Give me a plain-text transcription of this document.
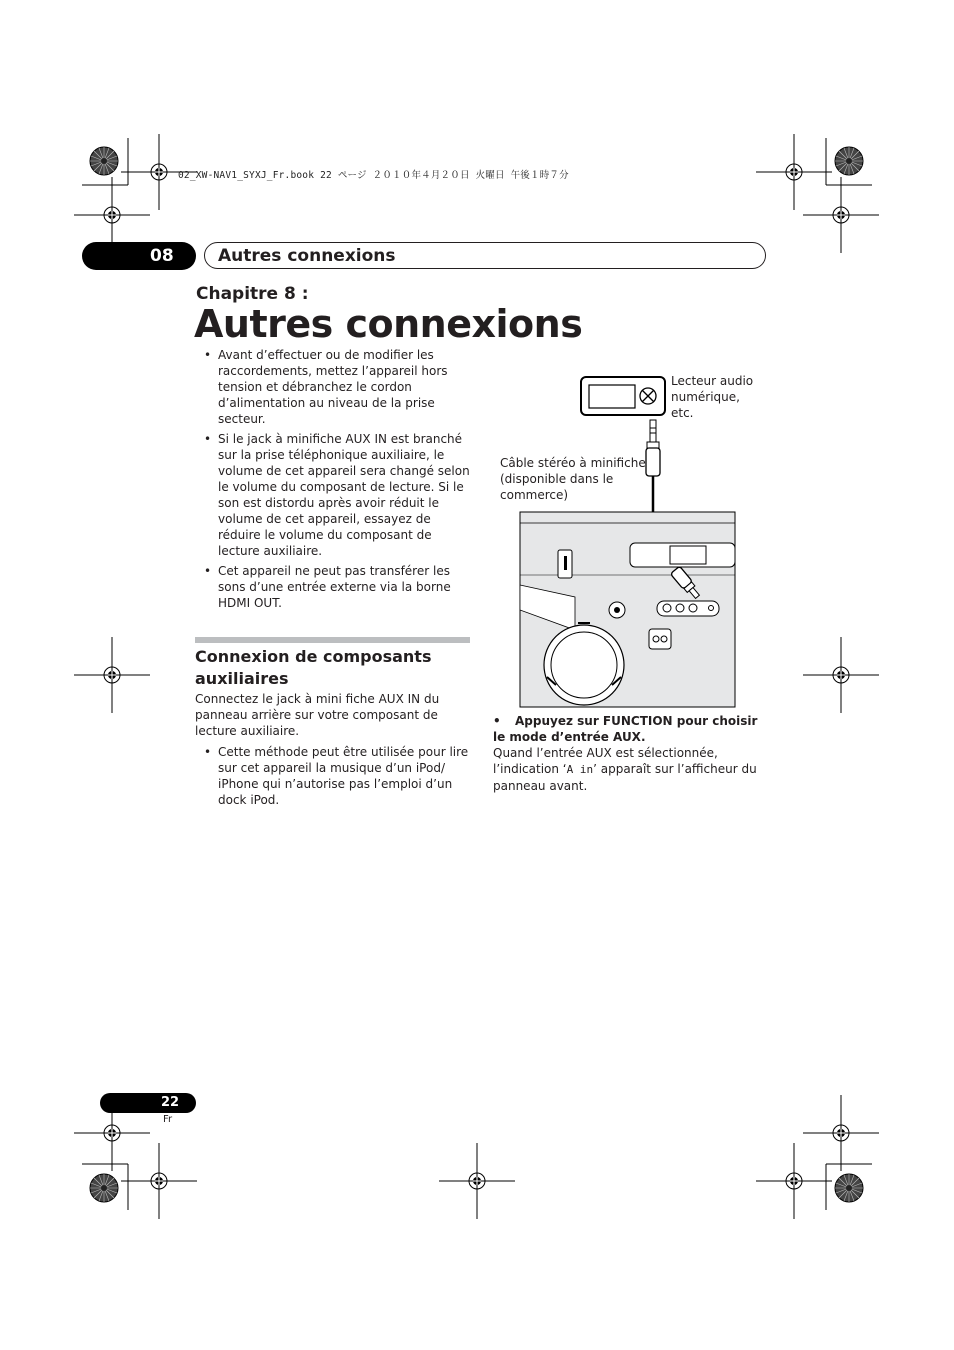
02_XW-NAV1_SYXJ_Fr.book 22 ページ ２０１０年４月２０日 火曜日 午後１時７分
08	Autres connexions
Chapitre 8 :
Autres connexions
• Avant d’effectuer ou de modifier les raccordements, mettez l’appareil hors tension et débranchez le cordon d’alimentation au niveau de la prise secteur.
• Si le jack à minifiche AUX IN est branché sur la prise téléphonique auxiliaire, le volume de cet appareil sera changé selon le volume du composant de lecture. Si le son est distordu après avoir réduit le volume de cet appareil, essayez de réduire le volume du composant de lecture auxiliaire.
• Cet appareil ne peut pas transférer les sons d’une entrée externe via la borne HDMI OUT.
Connexion de composants auxiliaires
Connectez le jack à mini fiche AUX IN du panneau arrière sur votre composant de lecture auxiliaire.
• Cette méthode peut être utilisée pour lire sur cet appareil la musique d’un iPod/ iPhone qui n’autorise pas l’emploi d’un dock iPod.
Lecteur audio numérique, etc.
Câble stéréo à minifiche (disponible dans le commerce)
• Appuyez sur FUNCTION pour choisir le mode d’entrée AUX.
Quand l’entrée AUX est sélectionnée, l’indication ‘A in’ apparaît sur l’afficheur du panneau avant.
22
Fr
